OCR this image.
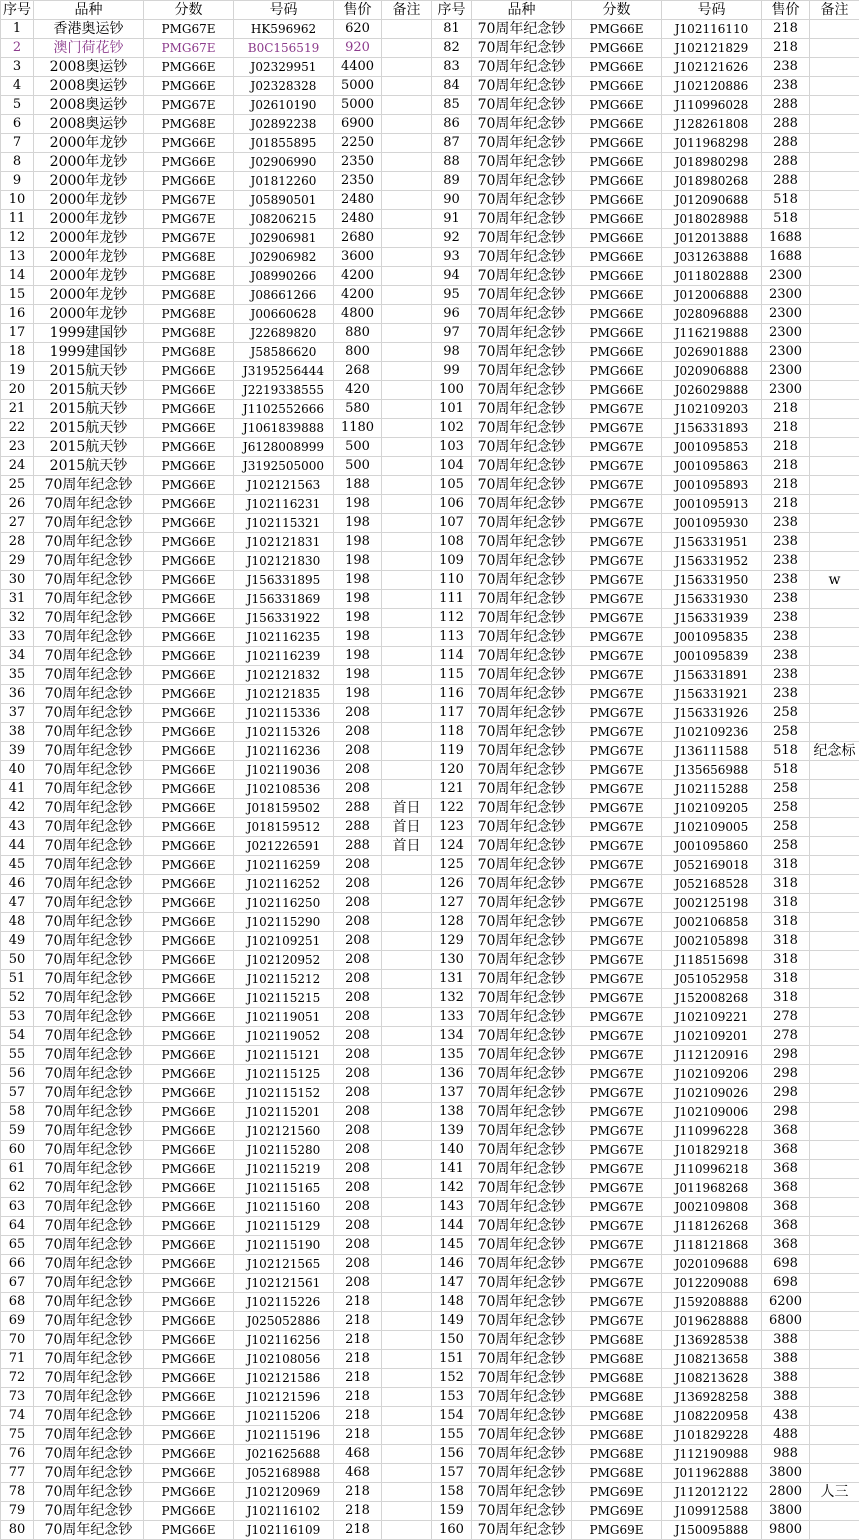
序号	品种	分数	号码	售价	备注	序号	品种	分数	号码	售价	备注
1	香港奥运钞	PMG67E	HK596962	620		81	70周年纪念钞	PMG66E	J102116110	218	
2	澳门荷花钞	PMG67E	B0C156519	920		82	70周年纪念钞	PMG66E	J102121829	218	
3	2008奥运钞	PMG66E	J02329951	4400		83	70周年纪念钞	PMG66E	J102121626	238	
4	2008奥运钞	PMG66E	J02328328	5000		84	70周年纪念钞	PMG66E	J102120886	238	
5	2008奥运钞	PMG67E	J02610190	5000		85	70周年纪念钞	PMG66E	J110996028	288	
6	2008奥运钞	PMG68E	J02892238	6900		86	70周年纪念钞	PMG66E	J128261808	288	
7	2000年龙钞	PMG66E	J01855895	2250		87	70周年纪念钞	PMG66E	J011968298	288	
8	2000年龙钞	PMG66E	J02906990	2350		88	70周年纪念钞	PMG66E	J018980298	288	
9	2000年龙钞	PMG66E	J01812260	2350		89	70周年纪念钞	PMG66E	J018980268	288	
10	2000年龙钞	PMG67E	J05890501	2480		90	70周年纪念钞	PMG66E	J012090688	518	
11	2000年龙钞	PMG67E	J08206215	2480		91	70周年纪念钞	PMG66E	J018028988	518	
12	2000年龙钞	PMG67E	J02906981	2680		92	70周年纪念钞	PMG66E	J012013888	1688	
13	2000年龙钞	PMG68E	J02906982	3600		93	70周年纪念钞	PMG66E	J031263888	1688	
14	2000年龙钞	PMG68E	J08990266	4200		94	70周年纪念钞	PMG66E	J011802888	2300	
15	2000年龙钞	PMG68E	J08661266	4200		95	70周年纪念钞	PMG66E	J012006888	2300	
16	2000年龙钞	PMG68E	J00660628	4800		96	70周年纪念钞	PMG66E	J028096888	2300	
17	1999建国钞	PMG68E	J22689820	880		97	70周年纪念钞	PMG66E	J116219888	2300	
18	1999建国钞	PMG68E	J58586620	800		98	70周年纪念钞	PMG66E	J026901888	2300	
19	2015航天钞	PMG66E	J3195256444	268		99	70周年纪念钞	PMG66E	J020906888	2300	
20	2015航天钞	PMG66E	J2219338555	420		100	70周年纪念钞	PMG66E	J026029888	2300	
21	2015航天钞	PMG66E	J1102552666	580		101	70周年纪念钞	PMG67E	J102109203	218	
22	2015航天钞	PMG66E	J1061839888	1180		102	70周年纪念钞	PMG67E	J156331893	218	
23	2015航天钞	PMG66E	J6128008999	500		103	70周年纪念钞	PMG67E	J001095853	218	
24	2015航天钞	PMG66E	J3192505000	500		104	70周年纪念钞	PMG67E	J001095863	218	
25	70周年纪念钞	PMG66E	J102121563	188		105	70周年纪念钞	PMG67E	J001095893	218	
26	70周年纪念钞	PMG66E	J102116231	198		106	70周年纪念钞	PMG67E	J001095913	218	
27	70周年纪念钞	PMG66E	J102115321	198		107	70周年纪念钞	PMG67E	J001095930	238	
28	70周年纪念钞	PMG66E	J102121831	198		108	70周年纪念钞	PMG67E	J156331951	238	
29	70周年纪念钞	PMG66E	J102121830	198		109	70周年纪念钞	PMG67E	J156331952	238	
30	70周年纪念钞	PMG66E	J156331895	198		110	70周年纪念钞	PMG67E	J156331950	238	w
31	70周年纪念钞	PMG66E	J156331869	198		111	70周年纪念钞	PMG67E	J156331930	238	
32	70周年纪念钞	PMG66E	J156331922	198		112	70周年纪念钞	PMG67E	J156331939	238	
33	70周年纪念钞	PMG66E	J102116235	198		113	70周年纪念钞	PMG67E	J001095835	238	
34	70周年纪念钞	PMG66E	J102116239	198		114	70周年纪念钞	PMG67E	J001095839	238	
35	70周年纪念钞	PMG66E	J102121832	198		115	70周年纪念钞	PMG67E	J156331891	238	
36	70周年纪念钞	PMG66E	J102121835	198		116	70周年纪念钞	PMG67E	J156331921	238	
37	70周年纪念钞	PMG66E	J102115336	208		117	70周年纪念钞	PMG67E	J156331926	258	
38	70周年纪念钞	PMG66E	J102115326	208		118	70周年纪念钞	PMG67E	J102109236	258	
39	70周年纪念钞	PMG66E	J102116236	208		119	70周年纪念钞	PMG67E	J136111588	518	纪念标
40	70周年纪念钞	PMG66E	J102119036	208		120	70周年纪念钞	PMG67E	J135656988	518	
41	70周年纪念钞	PMG66E	J102108536	208		121	70周年纪念钞	PMG67E	J102115288	258	
42	70周年纪念钞	PMG66E	J018159502	288	首日	122	70周年纪念钞	PMG67E	J102109205	258	
43	70周年纪念钞	PMG66E	J018159512	288	首日	123	70周年纪念钞	PMG67E	J102109005	258	
44	70周年纪念钞	PMG66E	J021226591	288	首日	124	70周年纪念钞	PMG67E	J001095860	258	
45	70周年纪念钞	PMG66E	J102116259	208		125	70周年纪念钞	PMG67E	J052169018	318	
46	70周年纪念钞	PMG66E	J102116252	208		126	70周年纪念钞	PMG67E	J052168528	318	
47	70周年纪念钞	PMG66E	J102116250	208		127	70周年纪念钞	PMG67E	J002125198	318	
48	70周年纪念钞	PMG66E	J102115290	208		128	70周年纪念钞	PMG67E	J002106858	318	
49	70周年纪念钞	PMG66E	J102109251	208		129	70周年纪念钞	PMG67E	J002105898	318	
50	70周年纪念钞	PMG66E	J102120952	208		130	70周年纪念钞	PMG67E	J118515698	318	
51	70周年纪念钞	PMG66E	J102115212	208		131	70周年纪念钞	PMG67E	J051052958	318	
52	70周年纪念钞	PMG66E	J102115215	208		132	70周年纪念钞	PMG67E	J152008268	318	
53	70周年纪念钞	PMG66E	J102119051	208		133	70周年纪念钞	PMG67E	J102109221	278	
54	70周年纪念钞	PMG66E	J102119052	208		134	70周年纪念钞	PMG67E	J102109201	278	
55	70周年纪念钞	PMG66E	J102115121	208		135	70周年纪念钞	PMG67E	J112120916	298	
56	70周年纪念钞	PMG66E	J102115125	208		136	70周年纪念钞	PMG67E	J102109206	298	
57	70周年纪念钞	PMG66E	J102115152	208		137	70周年纪念钞	PMG67E	J102109026	298	
58	70周年纪念钞	PMG66E	J102115201	208		138	70周年纪念钞	PMG67E	J102109006	298	
59	70周年纪念钞	PMG66E	J102121560	208		139	70周年纪念钞	PMG67E	J110996228	368	
60	70周年纪念钞	PMG66E	J102115280	208		140	70周年纪念钞	PMG67E	J101829218	368	
61	70周年纪念钞	PMG66E	J102115219	208		141	70周年纪念钞	PMG67E	J110996218	368	
62	70周年纪念钞	PMG66E	J102115165	208		142	70周年纪念钞	PMG67E	J011968268	368	
63	70周年纪念钞	PMG66E	J102115160	208		143	70周年纪念钞	PMG67E	J002109808	368	
64	70周年纪念钞	PMG66E	J102115129	208		144	70周年纪念钞	PMG67E	J118126268	368	
65	70周年纪念钞	PMG66E	J102115190	208		145	70周年纪念钞	PMG67E	J118121868	368	
66	70周年纪念钞	PMG66E	J102121565	208		146	70周年纪念钞	PMG67E	J020109688	698	
67	70周年纪念钞	PMG66E	J102121561	208		147	70周年纪念钞	PMG67E	J012209088	698	
68	70周年纪念钞	PMG66E	J102115226	218		148	70周年纪念钞	PMG67E	J159208888	6200	
69	70周年纪念钞	PMG66E	J025052886	218		149	70周年纪念钞	PMG67E	J019628888	6800	
70	70周年纪念钞	PMG66E	J102116256	218		150	70周年纪念钞	PMG68E	J136928538	388	
71	70周年纪念钞	PMG66E	J102108056	218		151	70周年纪念钞	PMG68E	J108213658	388	
72	70周年纪念钞	PMG66E	J102121586	218		152	70周年纪念钞	PMG68E	J108213628	388	
73	70周年纪念钞	PMG66E	J102121596	218		153	70周年纪念钞	PMG68E	J136928258	388	
74	70周年纪念钞	PMG66E	J102115206	218		154	70周年纪念钞	PMG68E	J108220958	438	
75	70周年纪念钞	PMG66E	J102115196	218		155	70周年纪念钞	PMG68E	J101829228	488	
76	70周年纪念钞	PMG66E	J021625688	468		156	70周年纪念钞	PMG68E	J112190988	988	
77	70周年纪念钞	PMG66E	J052168988	468		157	70周年纪念钞	PMG68E	J011962888	3800	
78	70周年纪念钞	PMG66E	J102120969	218		158	70周年纪念钞	PMG69E	J112012122	2800	人三
79	70周年纪念钞	PMG66E	J102116102	218		159	70周年纪念钞	PMG69E	J109912588	3800	
80	70周年纪念钞	PMG66E	J102116109	218		160	70周年纪念钞	PMG69E	J150095888	9800	
